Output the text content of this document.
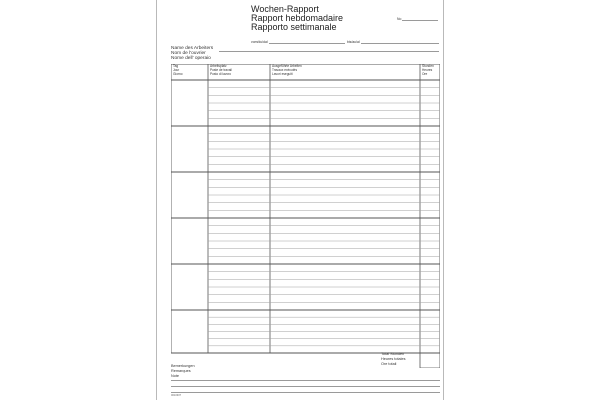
Wochen-Rapport
Rapport hebdomadaire
Rapporto settimanale
No
vom/du/dal	bis/au/al
Name des Arbeiters
Nom de l'ouvrier
Nome dell' operaio
Tag
Jour
Giorno
Arbeitsplatz
Poste de travail
Posto di lavoro
Ausgeführte Arbeiten
Travaux exécutés
Lavori eseguiti
Stunden
Heures
Ore
Total Stunden
Heures totales
Ore totali
Bemerkungen
Remarques
Note
0010307
